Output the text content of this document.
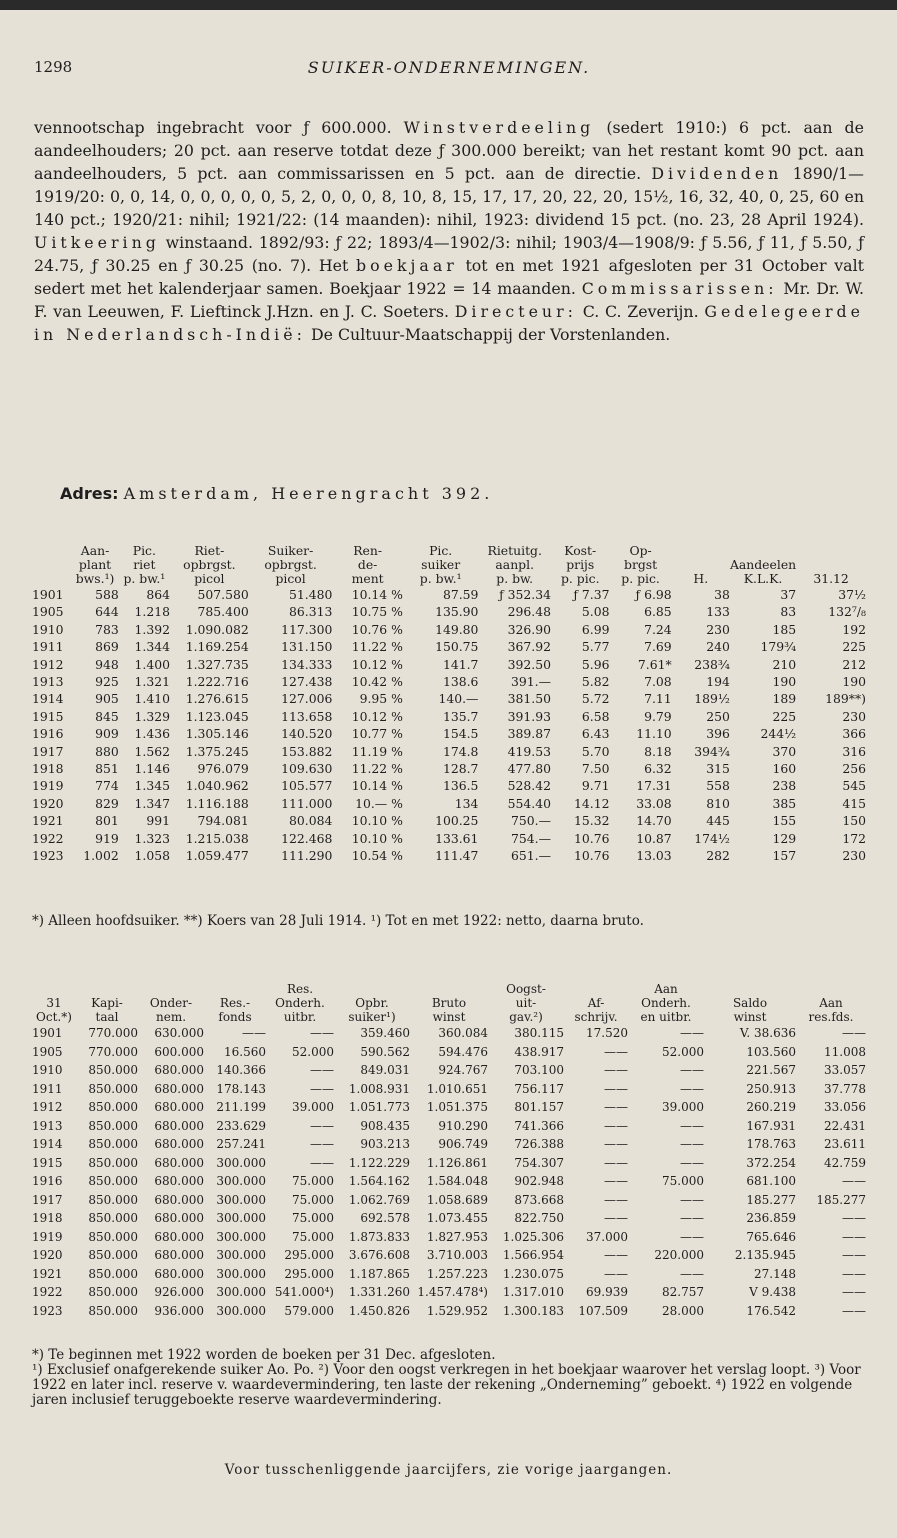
1298	SUIKER-ONDERNEMINGEN.

vennootschap ingebracht voor ƒ 600.000. Winstverdeeling (sedert 1910:) 6 pct. aan de aandeelhouders; 20 pct. aan reserve totdat deze ƒ 300.000 bereikt; van het restant komt 90 pct. aan aandeelhouders, 5 pct. aan commissarissen en 5 pct. aan de directie. Dividenden 1890/1—1919/20: 0, 0, 14, 0, 0, 0, 0, 0, 5, 2, 0, 0, 0, 8, 10, 8, 15, 17, 17, 20, 22, 20, 15½, 16, 32, 40, 0, 25, 60 en 140 pct.; 1920/21: nihil; 1921/22: (14 maanden): nihil, 1923: dividend 15 pct. (no. 23, 28 April 1924). Uitkeering winstaand. 1892/93: ƒ 22; 1893/4—1902/3: nihil; 1903/4—1908/9: ƒ 5.56, ƒ 11, ƒ 5.50, ƒ 24.75, ƒ 30.25 en ƒ 30.25 (no. 7). Het boekjaar tot en met 1921 afgesloten per 31 October valt sedert met het kalenderjaar samen. Boekjaar 1922 = 14 maanden. Commissarissen: Mr. Dr. W. F. van Leeuwen, F. Lieftinck J.Hzn. en J. C. Soeters. Directeur: C. C. Zeverijn. Gedelegeerde in Nederlandsch-Indië: De Cultuur-Maatschappij der Vorstenlanden.

Adres: Amsterdam, Heerengracht 392.
	Aan-	Pic.	Riet-	Suiker-	Ren-	Pic.	Rietuitg.	Kost-	Op-			
	plant	riet	opbrgst.	opbrgst.	de-	suiker	aanpl.	prijs	brgst		Aandeelen	
	bws.¹)	p. bw.¹	picol	picol	ment	p. bw.¹	p. bw.	p. pic.	p. pic.	H.	K.L.K.	31.12
1901	588	864	507.580	51.480	10.14 %	87.59	ƒ 352.34	ƒ 7.37	ƒ 6.98	38	37	37½
1905	644	1.218	785.400	86.313	10.75 %	135.90	296.48	5.08	6.85	133	83	132⁷/₈
1910	783	1.392	1.090.082	117.300	10.76 %	149.80	326.90	6.99	7.24	230	185	192
1911	869	1.344	1.169.254	131.150	11.22 %	150.75	367.92	5.77	7.69	240	179¾	225
1912	948	1.400	1.327.735	134.333	10.12 %	141.7	392.50	5.96	7.61*	238¾	210	212
1913	925	1.321	1.222.716	127.438	10.42 %	138.6	391.—	5.82	7.08	194	190	190
1914	905	1.410	1.276.615	127.006	9.95 %	140.—	381.50	5.72	7.11	189½	189	189**)
1915	845	1.329	1.123.045	113.658	10.12 %	135.7	391.93	6.58	9.79	250	225	230
1916	909	1.436	1.305.146	140.520	10.77 %	154.5	389.87	6.43	11.10	396	244½	366
1917	880	1.562	1.375.245	153.882	11.19 %	174.8	419.53	5.70	8.18	394¾	370	316
1918	851	1.146	976.079	109.630	11.22 %	128.7	477.80	7.50	6.32	315	160	256
1919	774	1.345	1.040.962	105.577	10.14 %	136.5	528.42	9.71	17.31	558	238	545
1920	829	1.347	1.116.188	111.000	10.— %	134	554.40	14.12	33.08	810	385	415
1921	801	991	794.081	80.084	10.10 %	100.25	750.—	15.32	14.70	445	155	150
1922	919	1.323	1.215.038	122.468	10.10 %	133.61	754.—	10.76	10.87	174½	129	172
1923	1.002	1.058	1.059.477	111.290	10.54 %	111.47	651.—	10.76	13.03	282	157	230

*) Alleen hoofdsuiker. **) Koers van 28 Juli 1914. ¹) Tot en met 1922: netto, daarna bruto.

				Res.			Oogst-		Aan		
31	Kapi-	Onder-	Res.-	Onderh.	Opbr.	Bruto	uit-	Af-	Onderh.	Saldo	Aan
Oct.*)	taal	nem.	fonds	uitbr.	suiker¹)	winst	gav.²)	schrijv.	en uitbr.	winst	res.fds.
1901	770.000	630.000	——	——	359.460	360.084	380.115	17.520	——	V. 38.636	——
1905	770.000	600.000	16.560	52.000	590.562	594.476	438.917	——	52.000	103.560	11.008
1910	850.000	680.000	140.366	——	849.031	924.767	703.100	——	——	221.567	33.057
1911	850.000	680.000	178.143	——	1.008.931	1.010.651	756.117	——	——	250.913	37.778
1912	850.000	680.000	211.199	39.000	1.051.773	1.051.375	801.157	——	39.000	260.219	33.056
1913	850.000	680.000	233.629	——	908.435	910.290	741.366	——	——	167.931	22.431
1914	850.000	680.000	257.241	——	903.213	906.749	726.388	——	——	178.763	23.611
1915	850.000	680.000	300.000	——	1.122.229	1.126.861	754.307	——	——	372.254	42.759
1916	850.000	680.000	300.000	75.000	1.564.162	1.584.048	902.948	——	75.000	681.100	——
1917	850.000	680.000	300.000	75.000	1.062.769	1.058.689	873.668	——	——	185.277	185.277
1918	850.000	680.000	300.000	75.000	692.578	1.073.455	822.750	——	——	236.859	——
1919	850.000	680.000	300.000	75.000	1.873.833	1.827.953	1.025.306	37.000	——	765.646	——
1920	850.000	680.000	300.000	295.000	3.676.608	3.710.003	1.566.954	——	220.000	2.135.945	——
1921	850.000	680.000	300.000	295.000	1.187.865	1.257.223	1.230.075	——	——	27.148	——
1922	850.000	926.000	300.000	541.000⁴)	1.331.260	1.457.478⁴)	1.317.010	69.939	82.757	V 9.438	——
1923	850.000	936.000	300.000	579.000	1.450.826	1.529.952	1.300.183	107.509	28.000	176.542	——

*) Te beginnen met 1922 worden de boeken per 31 Dec. afgesloten.

¹) Exclusief onafgerekende suiker Ao. Po. ²) Voor den oogst verkregen in het boekjaar waarover het verslag loopt. ³) Voor 1922 en later incl. reserve v. waardevermindering, ten laste der rekening „Onderneming” geboekt. ⁴) 1922 en volgende jaren inclusief teruggeboekte reserve waardevermindering.

Voor tusschenliggende jaarcijfers, zie vorige jaargangen.
